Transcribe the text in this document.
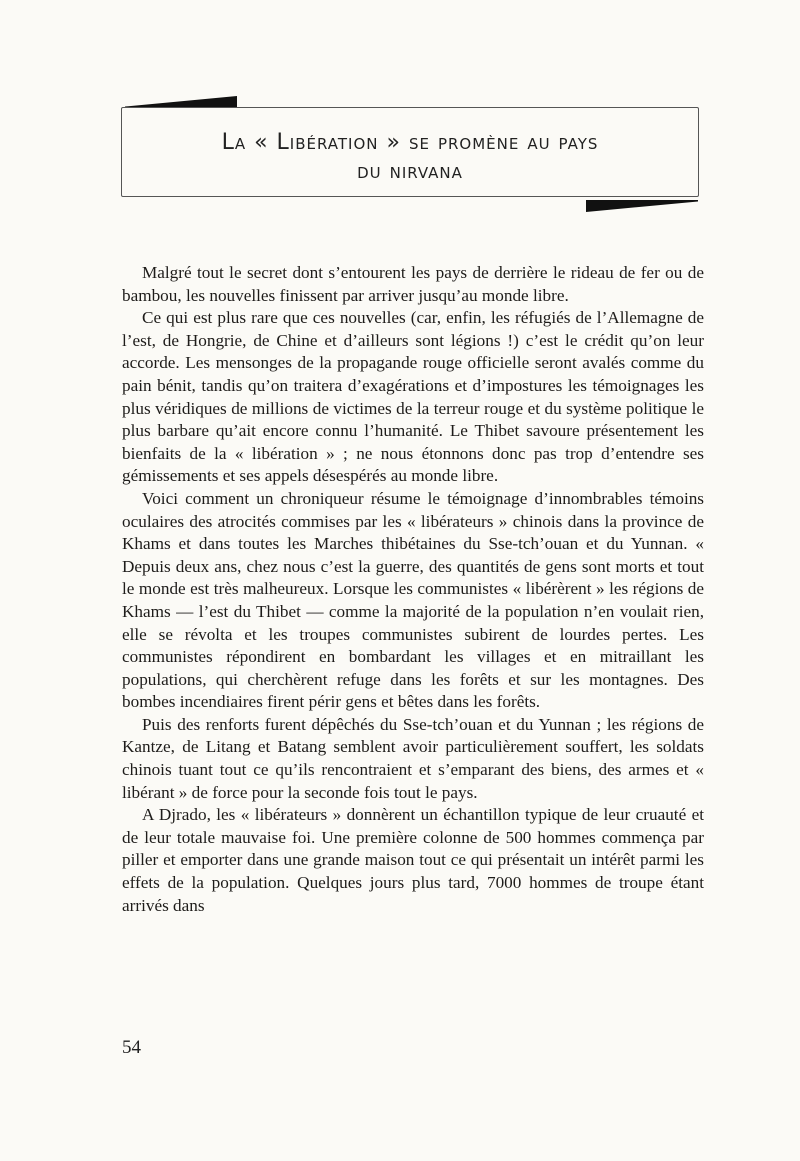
La « Libération » se promène au pays
du nirvana

Malgré tout le secret dont s’entourent les pays de derrière le rideau de fer ou de bambou, les nouvelles finissent par arriver jusqu’au monde libre.

Ce qui est plus rare que ces nouvelles (car, enfin, les réfugiés de l’Allemagne de l’est, de Hongrie, de Chine et d’ailleurs sont légions !) c’est le crédit qu’on leur accorde. Les mensonges de la propagande rouge officielle seront avalés comme du pain bénit, tandis qu’on traitera d’exagérations et d’impostures les témoignages les plus véridiques de millions de victimes de la terreur rouge et du système politique le plus barbare qu’ait encore connu l’humanité. Le Thibet savoure présentement les bienfaits de la « libération » ; ne nous étonnons donc pas trop d’entendre ses gémissements et ses appels désespérés au monde libre.

Voici comment un chroniqueur résume le témoignage d’innombrables témoins oculaires des atrocités commises par les « libérateurs » chinois dans la province de Khams et dans toutes les Marches thibétaines du Sse-tch’ouan et du Yunnan. « Depuis deux ans, chez nous c’est la guerre, des quantités de gens sont morts et tout le monde est très malheureux. Lorsque les communistes « libérèrent » les régions de Khams — l’est du Thibet — comme la majorité de la population n’en voulait rien, elle se révolta et les troupes communistes subirent de lourdes pertes. Les communistes répondirent en bombardant les villages et en mitraillant les populations, qui cherchèrent refuge dans les forêts et sur les montagnes. Des bombes incendiaires firent périr gens et bêtes dans les forêts.

Puis des renforts furent dépêchés du Sse-tch’ouan et du Yunnan ; les régions de Kantze, de Litang et Batang semblent avoir particulièrement souffert, les soldats chinois tuant tout ce qu’ils rencontraient et s’emparant des biens, des armes et « libérant » de force pour la seconde fois tout le pays.

A Djrado, les « libérateurs » donnèrent un échantillon typique de leur cruauté et de leur totale mauvaise foi. Une première colonne de 500 hommes commença par piller et emporter dans une grande maison tout ce qui présentait un intérêt parmi les effets de la population. Quelques jours plus tard, 7000 hommes de troupe étant arrivés dans

54
